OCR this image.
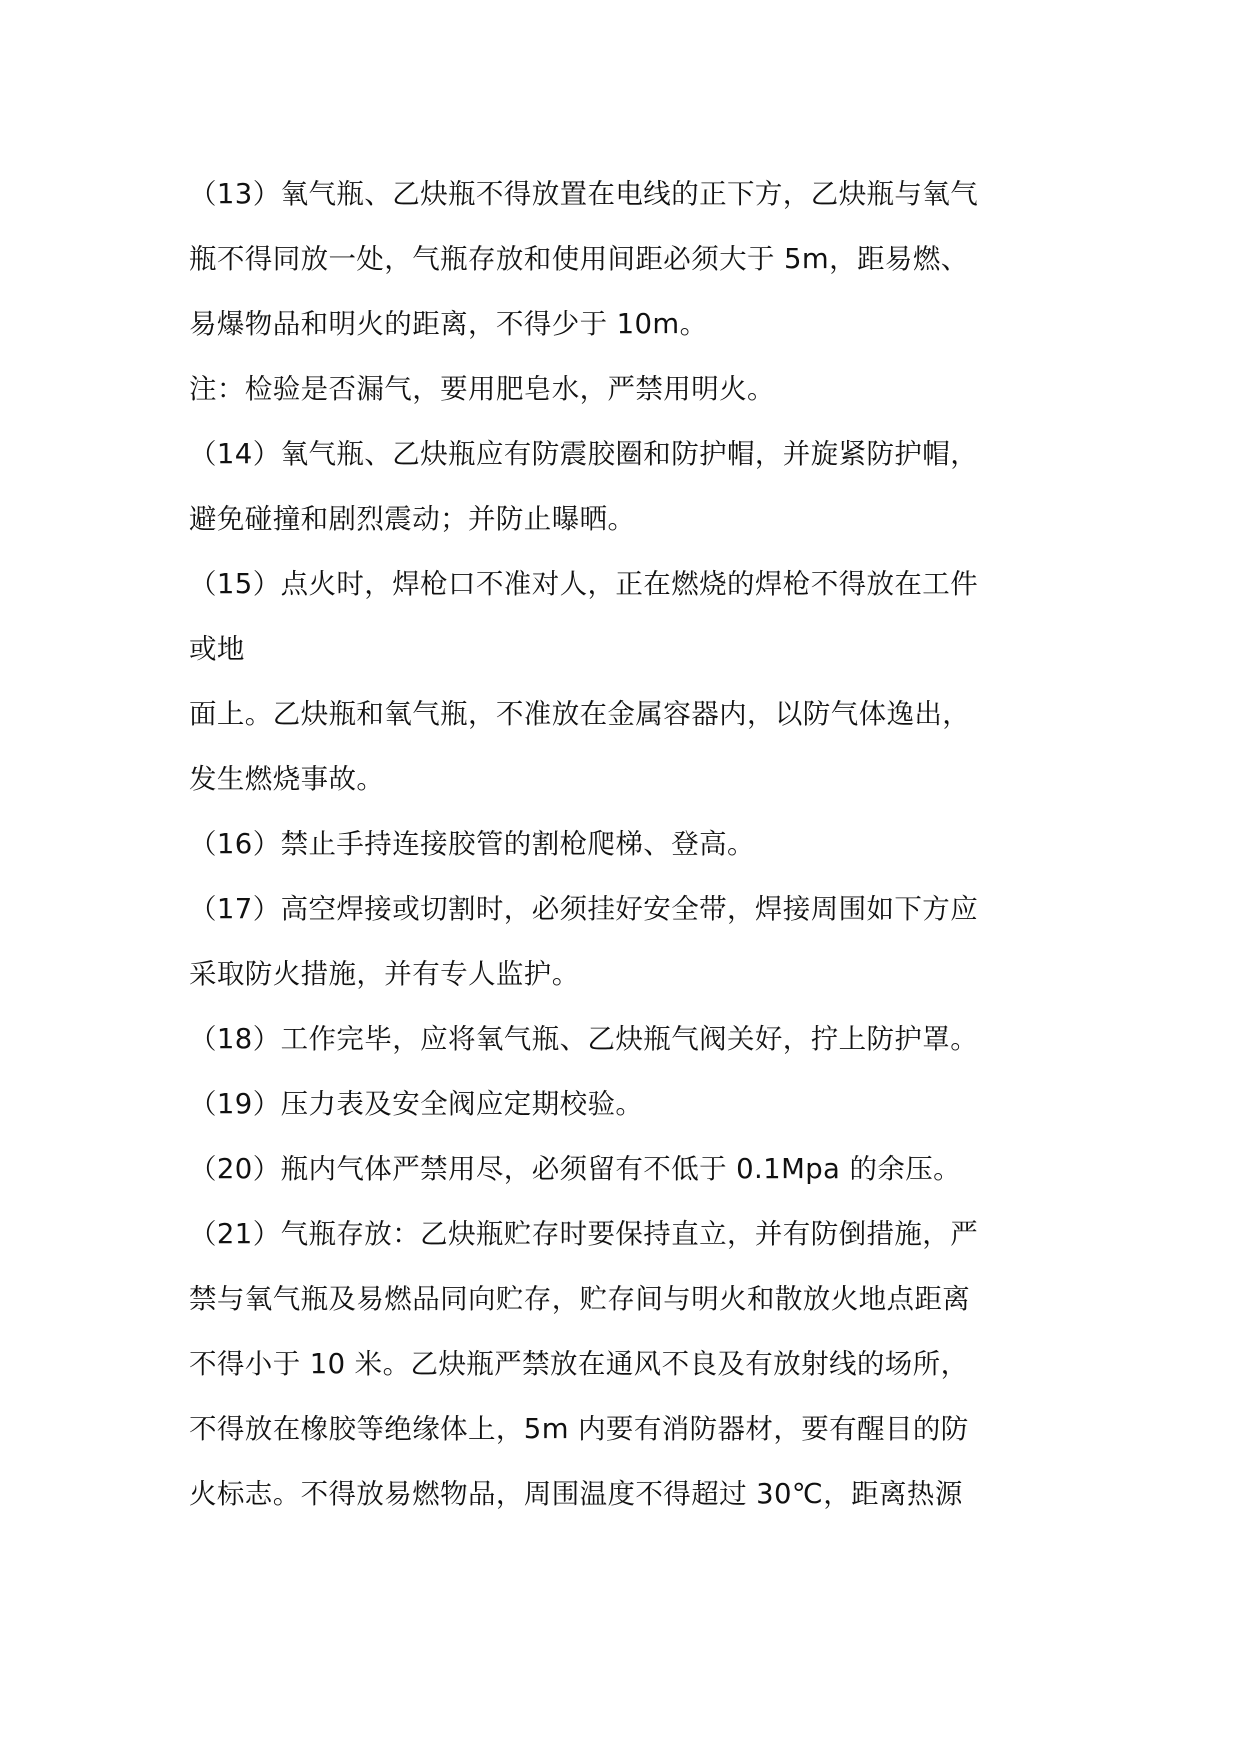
（13）氧气瓶、乙炔瓶不得放置在电线的正下方，乙炔瓶与氧气
瓶不得同放一处，气瓶存放和使用间距必须大于 5m，距易燃、
易爆物品和明火的距离，不得少于 10m。
注：检验是否漏气，要用肥皂水，严禁用明火。
（14）氧气瓶、乙炔瓶应有防震胶圈和防护帽，并旋紧防护帽，
避免碰撞和剧烈震动；并防止曝晒。
（15）点火时，焊枪口不准对人，正在燃烧的焊枪不得放在工件
或地
面上。乙炔瓶和氧气瓶，不准放在金属容器内，以防气体逸出，
发生燃烧事故。
（16）禁止手持连接胶管的割枪爬梯、登高。
（17）高空焊接或切割时，必须挂好安全带，焊接周围如下方应
采取防火措施，并有专人监护。
（18）工作完毕，应将氧气瓶、乙炔瓶气阀关好，拧上防护罩。
（19）压力表及安全阀应定期校验。
（20）瓶内气体严禁用尽，必须留有不低于 0.1Mpa 的余压。
（21）气瓶存放：乙炔瓶贮存时要保持直立，并有防倒措施，严
禁与氧气瓶及易燃品同向贮存，贮存间与明火和散放火地点距离
不得小于 10 米。乙炔瓶严禁放在通风不良及有放射线的场所，
不得放在橡胶等绝缘体上，5m 内要有消防器材，要有醒目的防
火标志。不得放易燃物品，周围温度不得超过 30℃，距离热源
